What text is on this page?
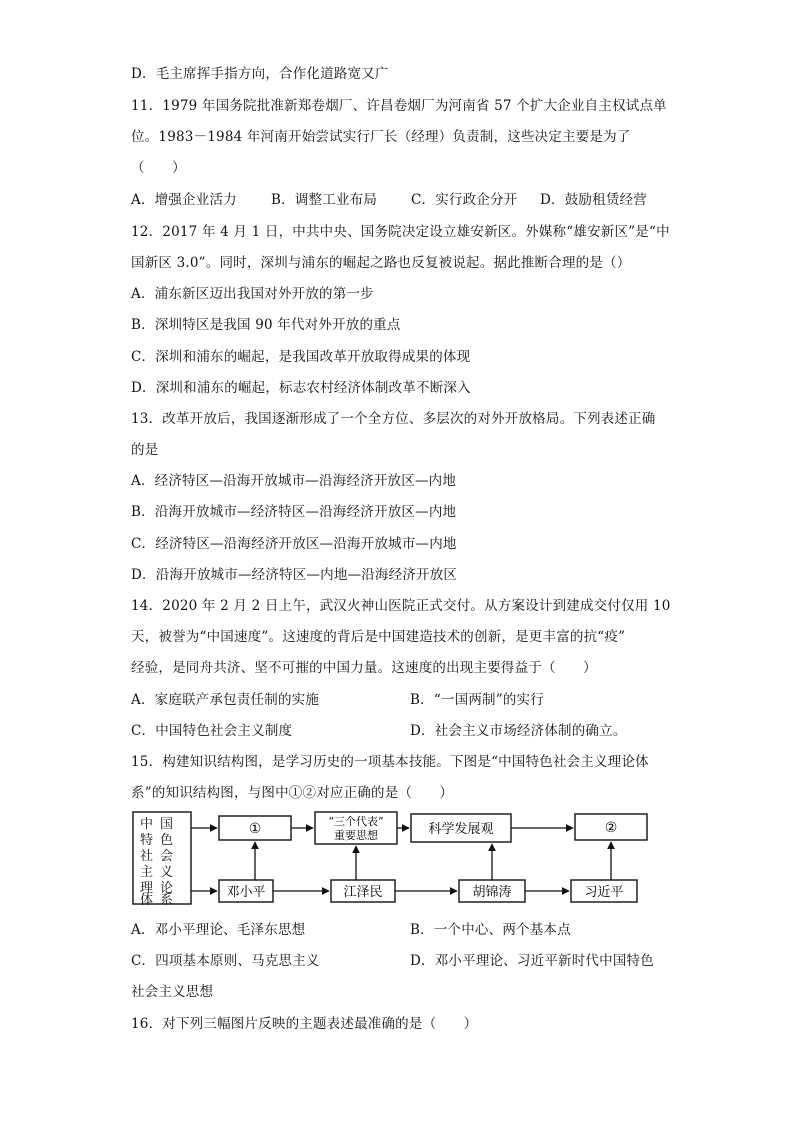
D．毛主席挥手指方向，合作化道路宽又广
11．1979 年国务院批准新郑卷烟厂、许昌卷烟厂为河南省 57 个扩大企业自主权试点单
位。1983－1984 年河南开始尝试实行厂长（经理）负责制，这些决定主要是为了
（　　）
A．增强企业活力	B．调整工业布局	C．实行政企分开 D．鼓励租赁经营
12．2017 年 4 月 1 日，中共中央、国务院决定设立雄安新区。外媒称“雄安新区”是“中
国新区 3.0”。同时，深圳与浦东的崛起之路也反复被说起。据此推断合理的是（）
A．浦东新区迈出我国对外开放的第一步
B．深圳特区是我国 90 年代对外开放的重点
C．深圳和浦东的崛起，是我国改革开放取得成果的体现
D．深圳和浦东的崛起，标志农村经济体制改革不断深入
13．改革开放后，我国逐渐形成了一个全方位、多层次的对外开放格局。下列表述正确
的是
A．经济特区—沿海开放城市—沿海经济开放区—内地
B．沿海开放城市—经济特区—沿海经济开放区—内地
C．经济特区—沿海经济开放区—沿海开放城市—内地
D．沿海开放城市—经济特区—内地—沿海经济开放区
14．2020 年 2 月 2 日上午，武汉火神山医院正式交付。从方案设计到建成交付仅用 10
天，被誉为“中国速度”。这速度的背后是中国建造技术的创新，是更丰富的抗“疫”
经验，是同舟共济、坚不可摧的中国力量。这速度的出现主要得益于（　　）
A．家庭联产承包责任制的实施	B．“一国两制”的实行
C．中国特色社会主义制度	D．社会主义市场经济体制的确立。
15．构建知识结构图，是学习历史的一项基本技能。下图是“中国特色社会主义理论体
系”的知识结构图，与图中①②对应正确的是（　　）
中
特
社
主
理
体
国
色
会
义
论
系
①	“三个代表”
重要思想	科学发展观	②
邓小平	江泽民	胡锦涛	习近平
A．邓小平理论、毛泽东思想	B．一个中心、两个基本点
C．四项基本原则、马克思主义	D．邓小平理论、习近平新时代中国特色
社会主义思想
16．对下列三幅图片反映的主题表述最准确的是（　　）
